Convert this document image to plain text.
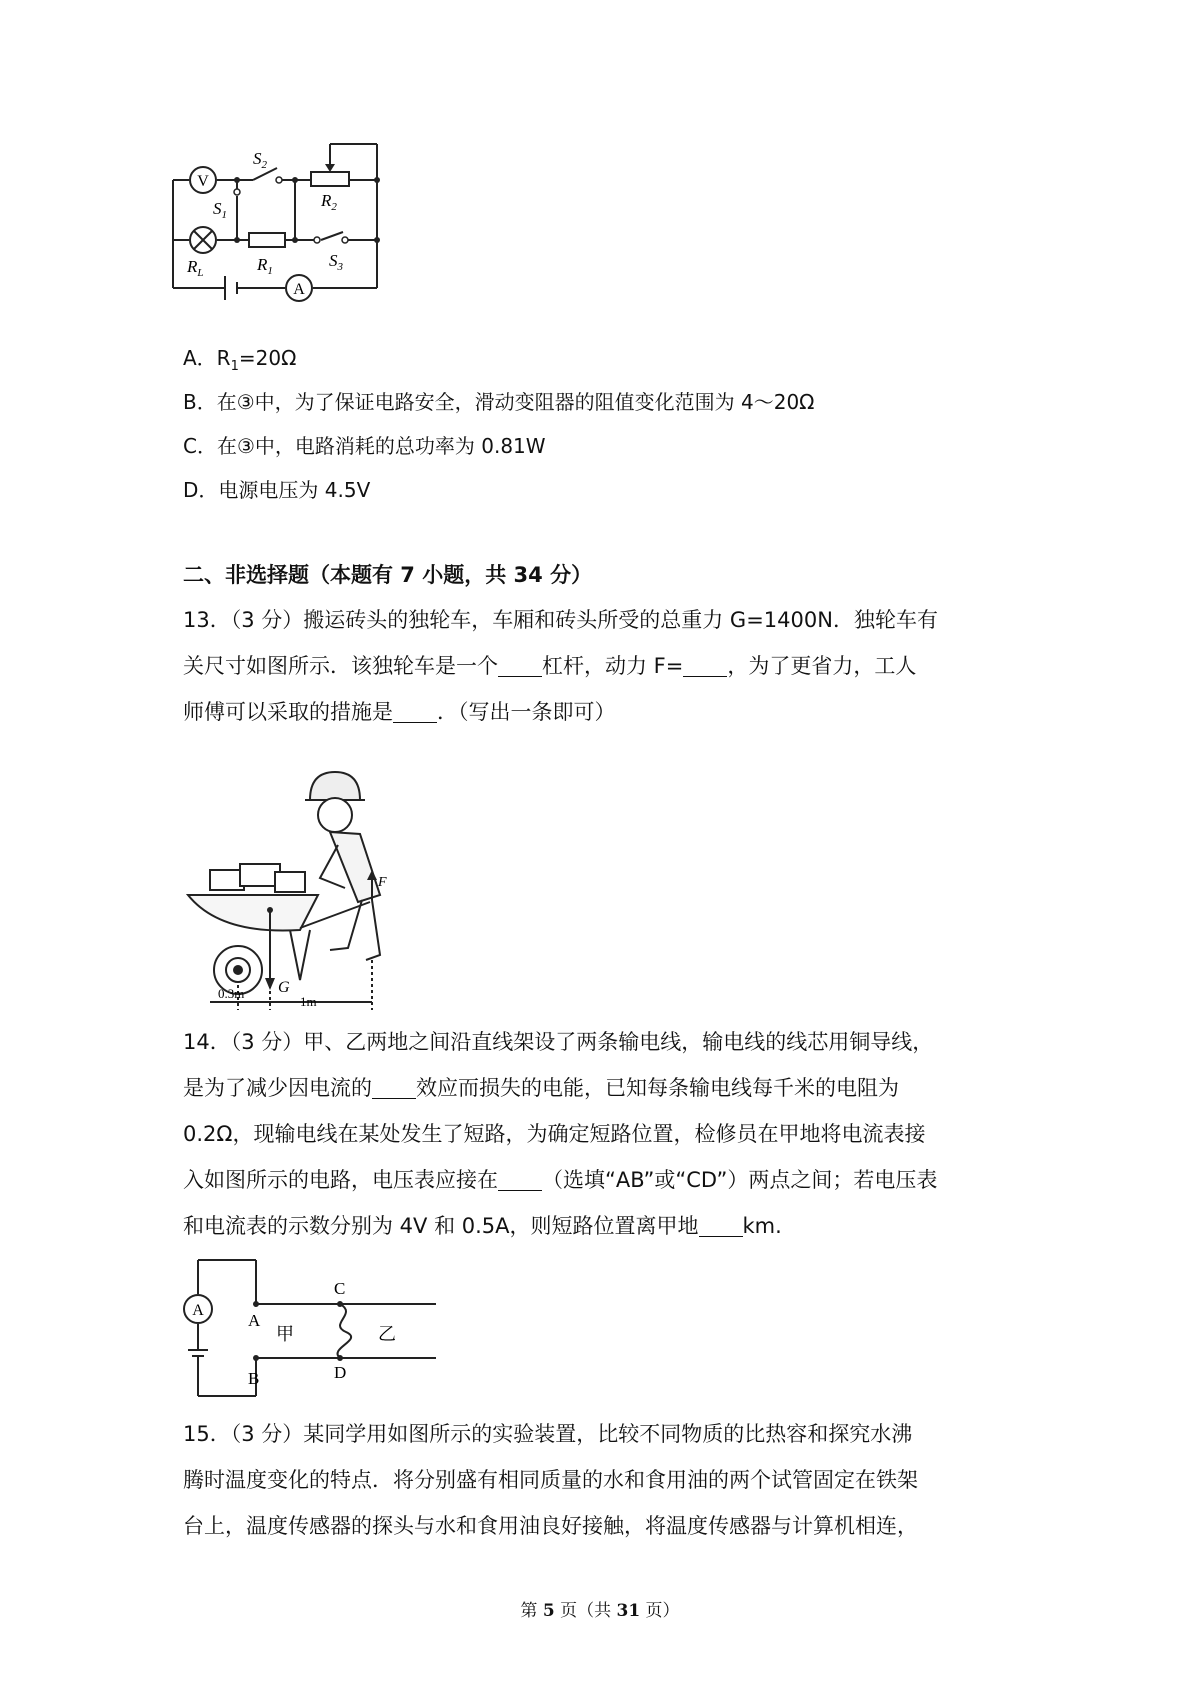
V
A
$S_2$
$S_1$
$R_2$
$R_L$	$R_1$
$S_3$
A．$R_1=20\Omega$
B．在③中，为了保证电路安全，滑动变阻器的阻值变化范围为 4～20Ω
C．在③中，电路消耗的总功率为 0.81W
D．电源电压为 4.5V
二、非选择题（本题有 7 小题，共 34 分）
13．（3 分）搬运砖头的独轮车，车厢和砖头所受的总重力 G=1400N．独轮车有
关尺寸如图所示．该独轮车是一个 杠杆，动力 F= ，为了更省力，工人
师傅可以采取的措施是 ．（写出一条即可）
G
F
0.3m
1m
14．（3 分）甲、乙两地之间沿直线架设了两条输电线，输电线的线芯用铜导线，
是为了减少因电流的 效应而损失的电能，已知每条输电线每千米的电阻为
0.2Ω，现输电线在某处发生了短路，为确定短路位置，检修员在甲地将电流表接
入如图所示的电路，电压表应接在 （选填“AB”或“CD”）两点之间；若电压表
和电流表的示数分别为 4V 和 0.5A，则短路位置离甲地 km.
A
A
B
C
D
甲	乙
15．（3 分）某同学用如图所示的实验装置，比较不同物质的比热容和探究水沸
腾时温度变化的特点．将分别盛有相同质量的水和食用油的两个试管固定在铁架
台上，温度传感器的探头与水和食用油良好接触，将温度传感器与计算机相连，
第 5 页（共 31 页）
